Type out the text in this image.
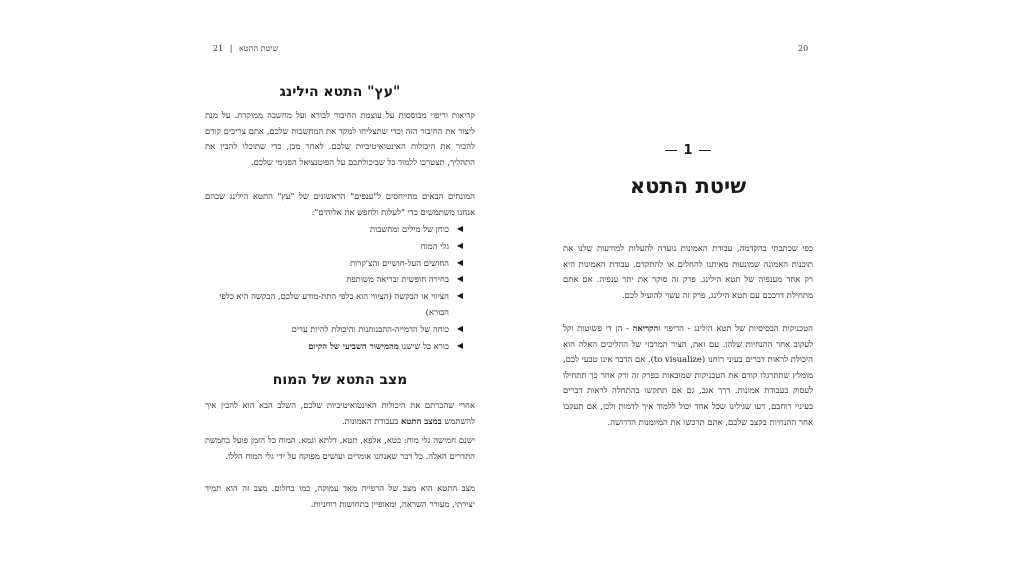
21 | שיטת התטא
"עץ" התטא הילינג

קריאות וריפוי מבוססות על עוצמת החיבור לבורא ועל מחשבה ממוקדת. על מנת ליצור את החיבור הזה וכדי שתצליחו למקד את המחשבות שלכם, אתם צריכים קודם להכיר את היכולות האינטואיטיביות שלכם. לאחר מכן, כדי שתוכלו להבין את התהליך, תצטרכו ללמוד כל שביכולתכם על הפוטנציאל הפנימי שלכם.

המונחים הבאים מתייחסים ל"ענפים" הראשונים של "עץ" התטא הילינג שבהם אנחנו משתמשים כדי "לעלות ולחפש את אלוהים":

◀
כוחן של מילים ומחשבות
◀
גלי המוח
◀
החושים העל-חושיים והצ'קרות
◀
בחירה חופשית ובריאה משותפת
◀
הציווי או הבקשה (הציווי הוא כלפי התת-מודע שלכם, הבקשה היא כלפי הבורא)
◀
כוחה של הדמייה-ההבנותנות והיכולת להיות עדים
◀
בורא כל שישנו מהמישור השביעי של הקיום
מצב התטא של המוח

אחרי שהכרתם את היכולות האינטואיטיביות שלכם, השלב הבא הוא להבין איך להשתמש במצב התטא בעבודת האמונות.

ישנם חמישה גלי מוח: בטא, אלפא, תטא, דלתא וגמא. המוח כל הזמן פועל בחמשת התדרים האלה. כל דבר שאנחנו אומרים ועושים מפוקח על ידי גלי המוח הללו.

מצב התטא הוא מצב של הרפייה מאד עמוקה, כמו בחלום. מצב זה הוא תמיד יצירתי, מעורר השראה, ומאופיין בתחושות רוחניות.

20
1
שיטת התטא

כפי שכתבתי בהקדמה, עבודת האמונות נועדה להעלות למודעות שלנו את תוכנות האמונה שמונעות מאיתנו להחלים או להתקדם. עבודת האמונות היא רק אחד מענפיה של תטא הילינג. פרק זה סוקר את יתר ענפיה. אם אתם מתחילת דרככם עם תטא הילינג, פרק זה עשוי להועיל לכם.

הטכניקות הבסיסיות של תטא הילינג - הריפוי והקריאה - הן די פשוטות וקל לעקוב אחר ההנחיות שלהן. עם זאת, הציר המרכזי של ההליכים האלה הוא היכולת לראות דברים בעיני רוחנו (to visualize). אם הדבר אינו טבעי לכם, מומלץ שתתרגלו קודם את הטכניקות שמובאות בפרק זה ורק אחר כך תתחילו לעסוק בעבודת אמונות. דרך אגב, גם אם תתקשו בהתחלה לראות דברים בעיניי רוחכם, דעו שגילינו שכל אחד יכול ללמוד איך לדמות ולכן, אם תעקבו אחר ההנחיות בקצב שלכם, אתם תרכשו את המיומנות הדרושה.
